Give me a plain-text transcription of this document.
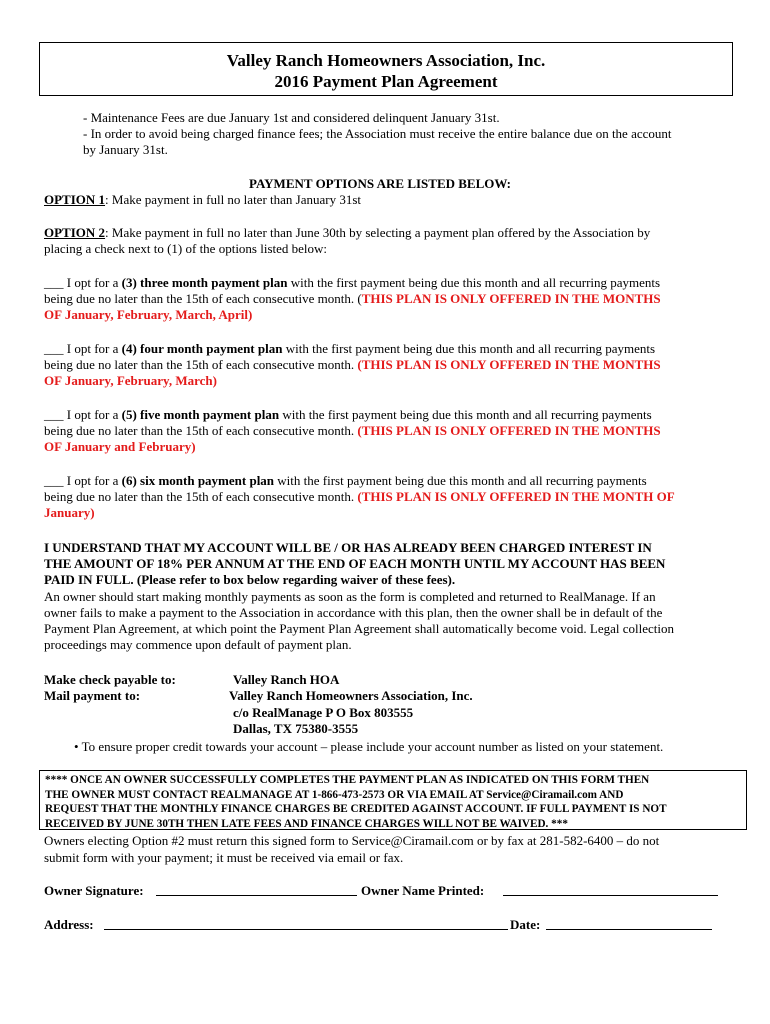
Valley Ranch Homeowners Association, Inc.
2016 Payment Plan Agreement
- Maintenance Fees are due January 1st and considered delinquent January 31st.
- In order to avoid being charged finance fees; the Association must receive the entire balance due on the account
by January 31st.
PAYMENT OPTIONS ARE LISTED BELOW:
OPTION 1: Make payment in full no later than January 31st
OPTION 2: Make payment in full no later than June 30th by selecting a payment plan offered by the Association by
placing a check next to (1) of the options listed below:
___ I opt for a (3) three month payment plan with the first payment being due this month and all recurring payments
being due no later than the 15th of each consecutive month. (THIS PLAN IS ONLY OFFERED IN THE MONTHS
OF January, February, March, April)
___ I opt for a (4) four month payment plan with the first payment being due this month and all recurring payments
being due no later than the 15th of each consecutive month. (THIS PLAN IS ONLY OFFERED IN THE MONTHS
OF January, February, March)
___ I opt for a (5) five month payment plan with the first payment being due this month and all recurring payments
being due no later than the 15th of each consecutive month. (THIS PLAN IS ONLY OFFERED IN THE MONTHS
OF January and February)
___ I opt for a (6) six month payment plan with the first payment being due this month and all recurring payments
being due no later than the 15th of each consecutive month. (THIS PLAN IS ONLY OFFERED IN THE MONTH OF
January)
I UNDERSTAND THAT MY ACCOUNT WILL BE / OR HAS ALREADY BEEN CHARGED INTEREST IN
THE AMOUNT OF 18% PER ANNUM AT THE END OF EACH MONTH UNTIL MY ACCOUNT HAS BEEN
PAID IN FULL. (Please refer to box below regarding waiver of these fees).
An owner should start making monthly payments as soon as the form is completed and returned to RealManage. If an
owner fails to make a payment to the Association in accordance with this plan, then the owner shall be in default of the
Payment Plan Agreement, at which point the Payment Plan Agreement shall automatically become void. Legal collection
proceedings may commence upon default of payment plan.
Make check payable to:	Valley Ranch HOA
Mail payment to:	Valley Ranch Homeowners Association, Inc.
c/o RealManage P O Box 803555
Dallas, TX 75380-3555
• To ensure proper credit towards your account – please include your account number as listed on your statement.
**** ONCE AN OWNER SUCCESSFULLY COMPLETES THE PAYMENT PLAN AS INDICATED ON THIS FORM THEN
THE OWNER MUST CONTACT REALMANAGE AT 1-866-473-2573 OR VIA EMAIL AT Service@Ciramail.com AND
REQUEST THAT THE MONTHLY FINANCE CHARGES BE CREDITED AGAINST ACCOUNT. IF FULL PAYMENT IS NOT
RECEIVED BY JUNE 30TH THEN LATE FEES AND FINANCE CHARGES WILL NOT BE WAIVED. ***
Owners electing Option #2 must return this signed form to Service@Ciramail.com or by fax at 281-582-6400 – do not
submit form with your payment; it must be received via email or fax.
Owner Signature:	Owner Name Printed:
Address:	Date:
